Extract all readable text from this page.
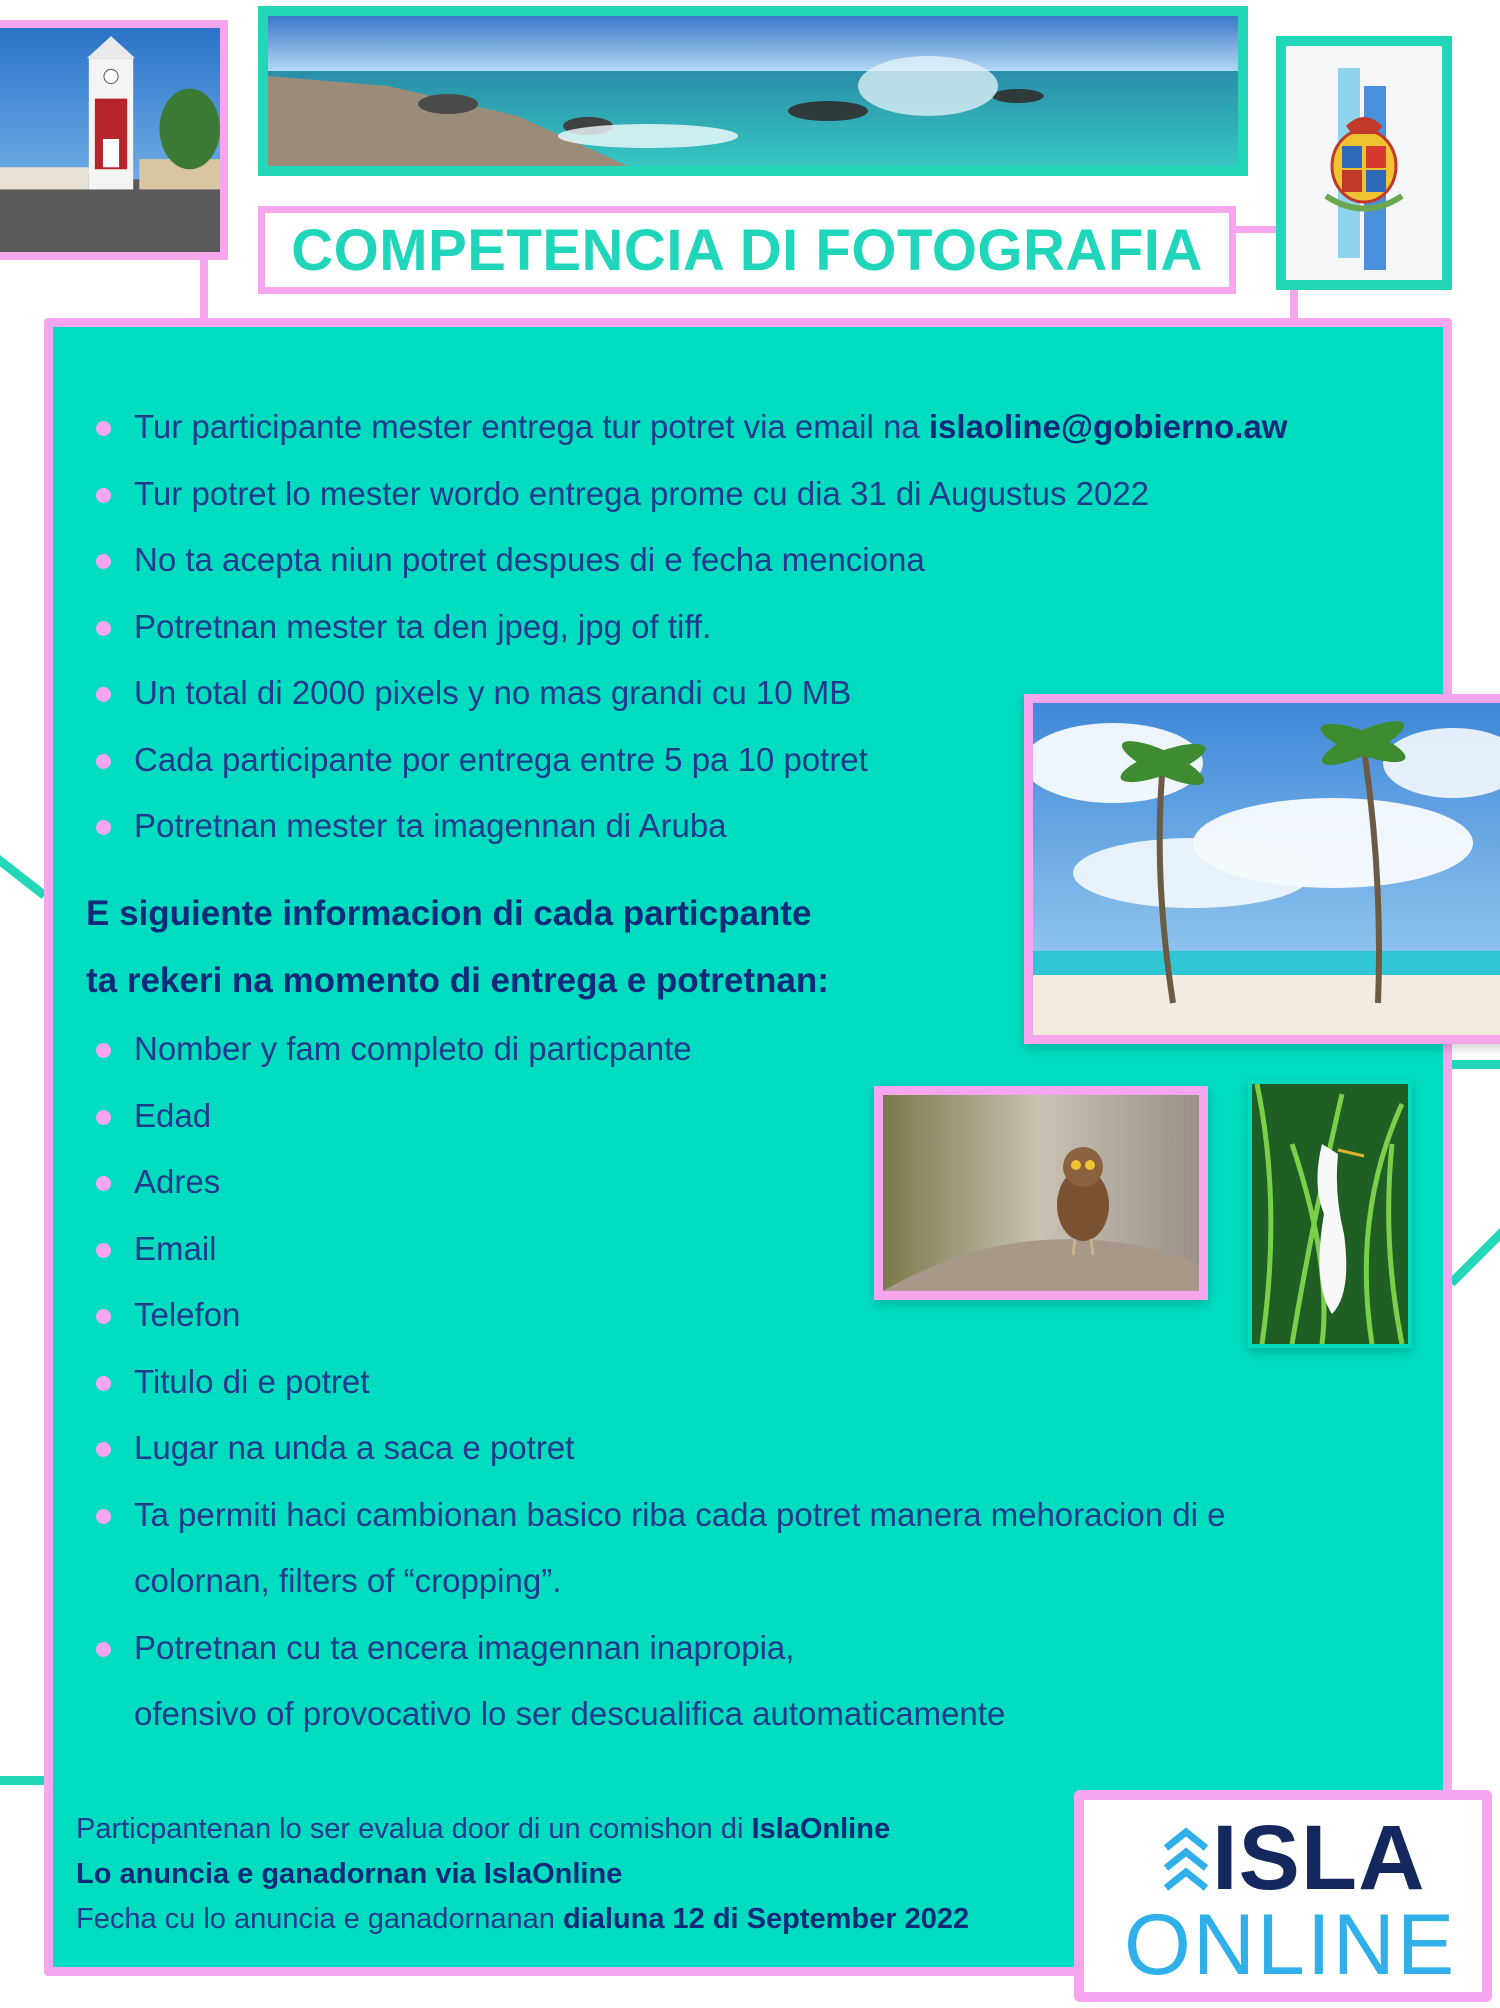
COMPETENCIA DI FOTOGRAFIA
Tur participante mester entrega tur potret via email na islaoline@gobierno.aw
Tur potret lo mester wordo entrega prome cu dia 31 di Augustus 2022
No ta acepta niun potret despues di e fecha menciona
Potretnan mester ta den jpeg, jpg of tiff.
Un total di 2000 pixels y no mas grandi cu 10 MB
Cada participante por entrega entre 5 pa 10 potret
Potretnan mester ta imagennan di Aruba
E siguiente informacion di cada particpante
ta rekeri na momento di entrega e potretnan:
Nomber y fam completo di particpante
Edad
Adres
Email
Telefon
Titulo di e potret
Lugar na unda a saca e potret
Ta permiti haci cambionan basico riba cada potret manera mehoracion di e
colornan, filters of “cropping”.
Potretnan cu ta encera imagennan inapropia,
ofensivo of provocativo lo ser descualifica automaticamente
Particpantenan lo ser evalua door di un comishon di IslaOnline
Lo anuncia e ganadornan via IslaOnline
Fecha cu lo anuncia e ganadornanan dialuna 12 di September 2022
ISLA
ONLINE
